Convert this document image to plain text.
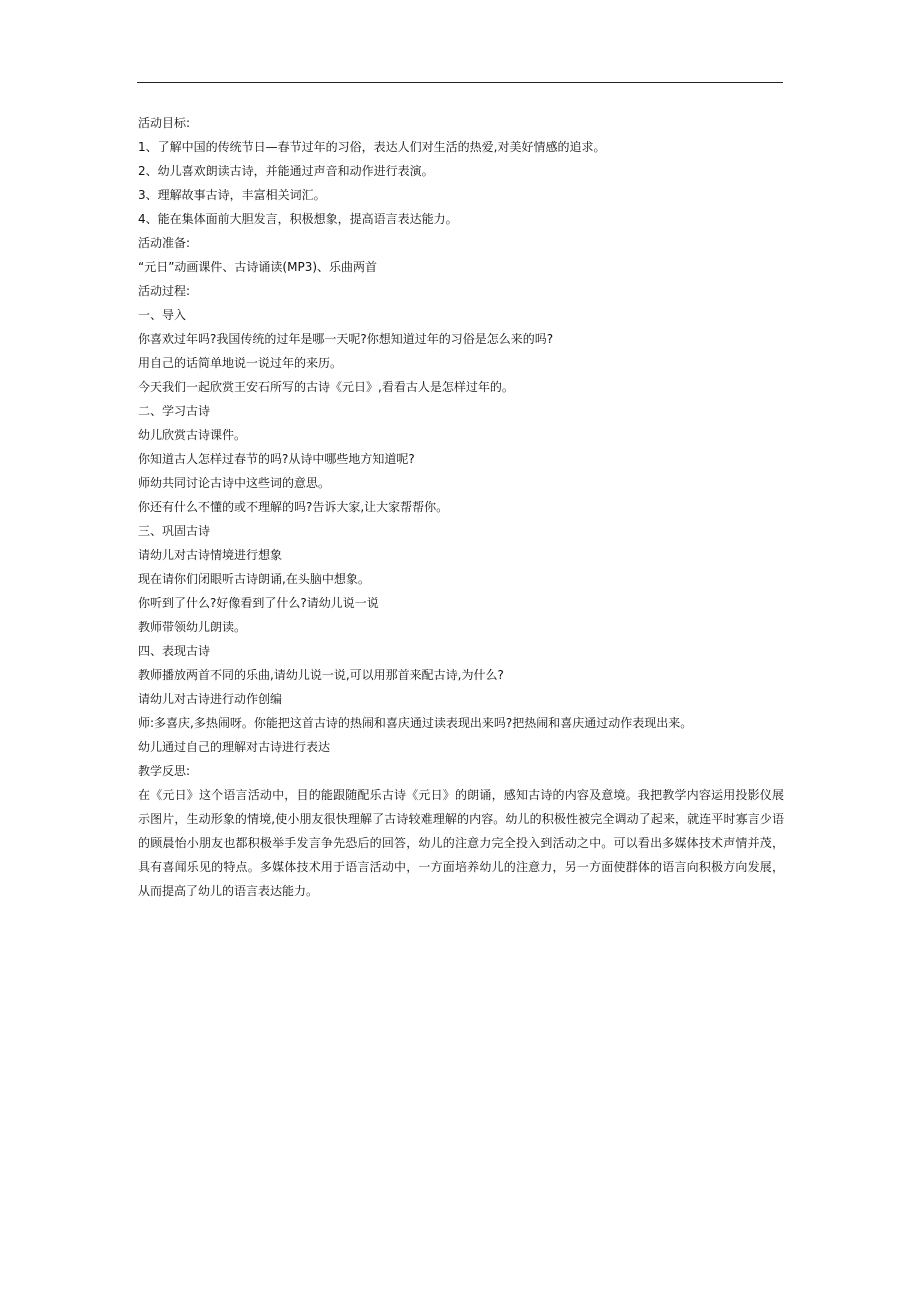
活动目标:
1、了解中国的传统节日—春节过年的习俗，表达人们对生活的热爱,对美好情感的追求。
2、幼儿喜欢朗读古诗，并能通过声音和动作进行表演。
3、理解故事古诗，丰富相关词汇。
4、能在集体面前大胆发言，积极想象，提高语言表达能力。
活动准备:
“元日”动画课件、古诗诵读(MP3)、乐曲两首
活动过程:
一、导入
你喜欢过年吗?我国传统的过年是哪一天呢?你想知道过年的习俗是怎么来的吗?
用自己的话简单地说一说过年的来历。
今天我们一起欣赏王安石所写的古诗《元日》,看看古人是怎样过年的。
二、学习古诗
幼儿欣赏古诗课件。
你知道古人怎样过春节的吗?从诗中哪些地方知道呢?
师幼共同讨论古诗中这些词的意思。
你还有什么不懂的或不理解的吗?告诉大家,让大家帮帮你。
三、巩固古诗
请幼儿对古诗情境进行想象
现在请你们闭眼听古诗朗诵,在头脑中想象。
你听到了什么?好像看到了什么?请幼儿说一说
教师带领幼儿朗读。
四、表现古诗
教师播放两首不同的乐曲,请幼儿说一说,可以用那首来配古诗,为什么?
请幼儿对古诗进行动作创编
师:多喜庆,多热闹呀。你能把这首古诗的热闹和喜庆通过读表现出来吗?把热闹和喜庆通过动作表现出来。
幼儿通过自己的理解对古诗进行表达
教学反思:
在《元日》这个语言活动中，目的能跟随配乐古诗《元日》的朗诵，感知古诗的内容及意境。我把教学内容运用投影仪展示图片，生动形象的情境,使小朋友很快理解了古诗较难理解的内容。幼儿的积极性被完全调动了起来，就连平时寡言少语的顾晨怡小朋友也都积极举手发言争先恐后的回答，幼儿的注意力完全投入到活动之中。可以看出多媒体技术声情并茂，具有喜闻乐见的特点。多媒体技术用于语言活动中，一方面培养幼儿的注意力，另一方面使群体的语言向积极方向发展，从而提高了幼儿的语言表达能力。
